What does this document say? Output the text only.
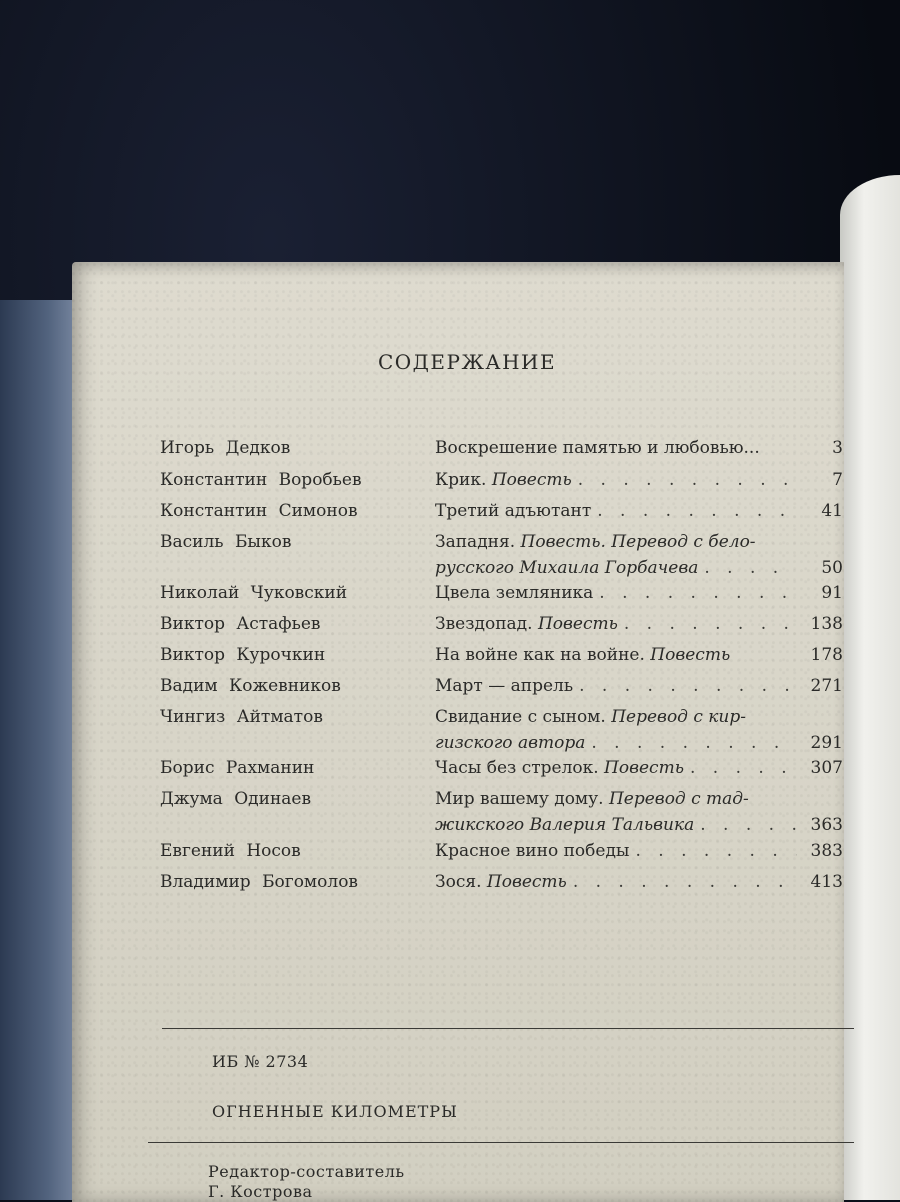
СОДЕРЖАНИЕ
Игорь Дедков	Воскрешение памятью и любовью...	3
Константин Воробьев	Крик. Повесть . . .	7
Константин Симонов	Третий адъютант . . .	41
Василь Быков	Западня. Повесть. Перевод с бело-
русского Михаила Горбачева . . .	50
Николай Чуковский	Цвела земляника . . .	91
Виктор Астафьев	Звездопад. Повесть . . .	138
Виктор Курочкин	На войне как на войне. Повесть	178
Вадим Кожевников	Март — апрель . . .	271
Чингиз Айтматов	Свидание с сыном. Перевод с кир-
гизского автора . . .	291
Борис Рахманин	Часы без стрелок. Повесть . . .	307
Джума Одинаев	Мир вашему дому. Перевод с тад-
жикского Валерия Тальвика . . .	363
Евгений Носов	Красное вино победы . . .	383
Владимир Богомолов	Зося. Повесть . . .	413
ИБ № 2734
ОГНЕННЫЕ КИЛОМЕТРЫ
Редактор-составитель
Г. Кострова
